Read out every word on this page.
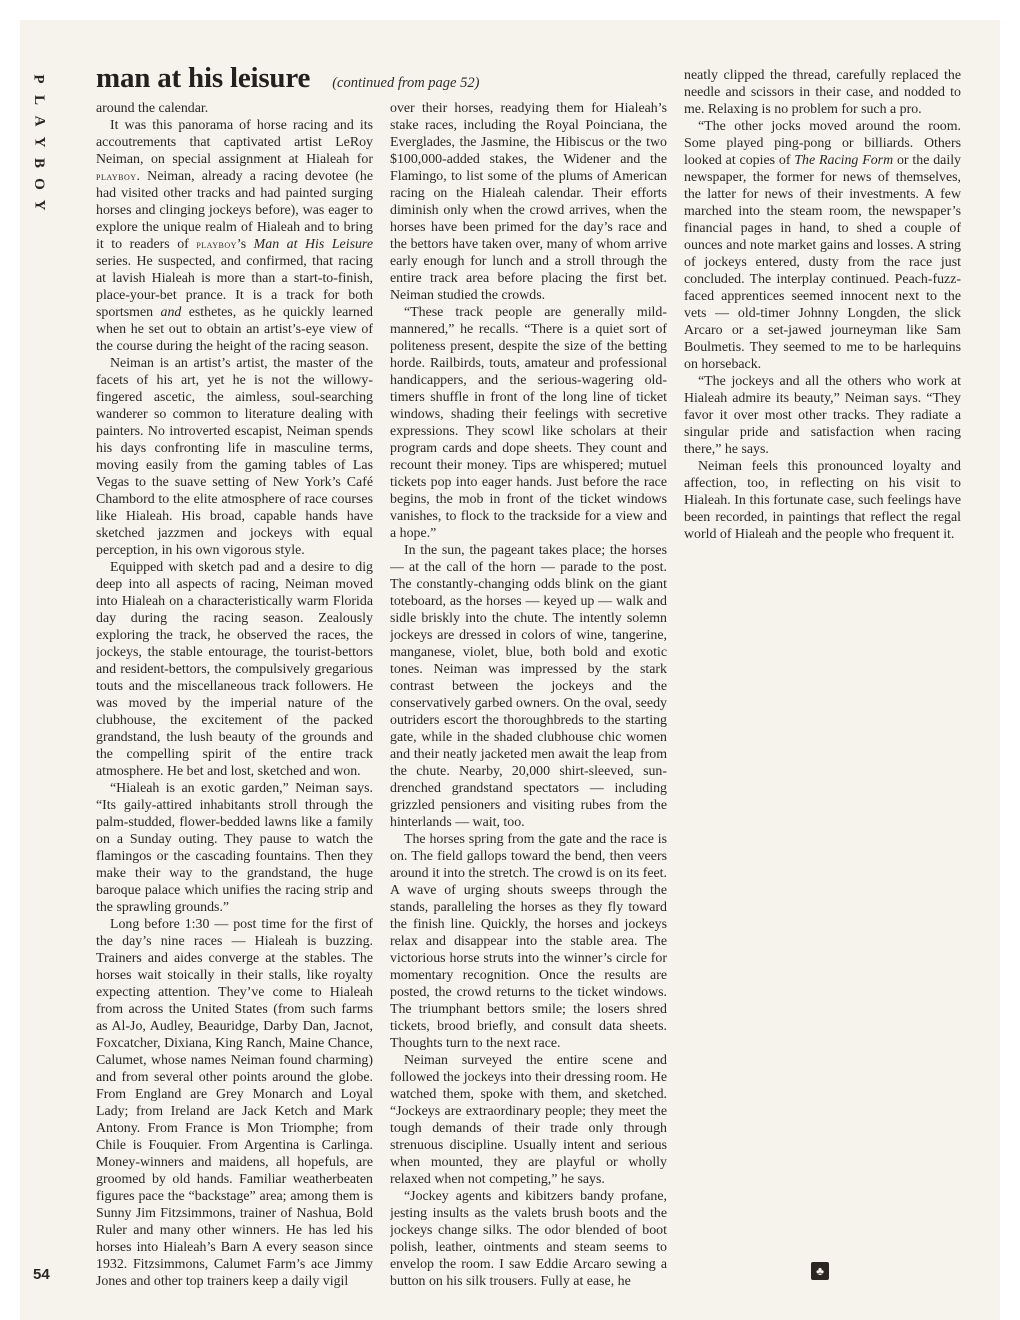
P
L
A
Y
B
O
Y
man at his leisure (continued from page 52)

around the calendar.

It was this panorama of horse racing and its accoutrements that captivated artist LeRoy Neiman, on special assignment at Hialeah for playboy. Neiman, already a racing devotee (he had visited other tracks and had painted surging horses and clinging jockeys before), was eager to explore the unique realm of Hialeah and to bring it to readers of playboy’s Man at His Leisure series. He suspected, and confirmed, that racing at lavish Hialeah is more than a start-to-finish, place-your-bet prance. It is a track for both sportsmen and esthetes, as he quickly learned when he set out to obtain an artist’s-eye view of the course during the height of the racing season.

Neiman is an artist’s artist, the master of the facets of his art, yet he is not the willowy-fingered ascetic, the aimless, soul-searching wanderer so common to literature dealing with painters. No introverted escapist, Neiman spends his days confronting life in masculine terms, moving easily from the gaming tables of Las Vegas to the suave setting of New York’s Café Chambord to the elite atmosphere of race courses like Hialeah. His broad, capable hands have sketched jazzmen and jockeys with equal perception, in his own vigorous style.

Equipped with sketch pad and a desire to dig deep into all aspects of racing, Neiman moved into Hialeah on a characteristically warm Florida day during the racing season. Zealously exploring the track, he observed the races, the jockeys, the stable entourage, the tourist-bettors and resident-bettors, the compulsively gregarious touts and the miscellaneous track followers. He was moved by the imperial nature of the clubhouse, the excitement of the packed grandstand, the lush beauty of the grounds and the compelling spirit of the entire track atmosphere. He bet and lost, sketched and won.

“Hialeah is an exotic garden,” Neiman says. “Its gaily-attired inhabitants stroll through the palm-studded, flower-bedded lawns like a family on a Sunday outing. They pause to watch the flamingos or the cascading fountains. Then they make their way to the grandstand, the huge baroque palace which unifies the racing strip and the sprawling grounds.”

Long before 1:30 — post time for the first of the day’s nine races — Hialeah is buzzing. Trainers and aides converge at the stables. The horses wait stoically in their stalls, like royalty expecting attention. They’ve come to Hialeah from across the United States (from such farms as Al-Jo, Audley, Beauridge, Darby Dan, Jacnot, Foxcatcher, Dixiana, King Ranch, Maine Chance, Calumet, whose names Neiman found charming) and from several other points around the globe. From England are Grey Monarch and Loyal Lady; from Ireland are Jack Ketch and Mark Antony. From France is Mon Triomphe; from Chile is Fouquier. From Argentina is Carlinga. Money-winners and maidens, all hopefuls, are groomed by old hands. Familiar weatherbeaten figures pace the “backstage” area; among them is Sunny Jim Fitzsimmons, trainer of Nashua, Bold Ruler and many other winners. He has led his horses into Hialeah’s Barn A every season since 1932. Fitzsimmons, Calumet Farm’s ace Jimmy Jones and other top trainers keep a daily vigil

over their horses, readying them for Hialeah’s stake races, including the Royal Poinciana, the Everglades, the Jasmine, the Hibiscus or the two $100,000-added stakes, the Widener and the Flamingo, to list some of the plums of American racing on the Hialeah calendar. Their efforts diminish only when the crowd arrives, when the horses have been primed for the day’s race and the bettors have taken over, many of whom arrive early enough for lunch and a stroll through the entire track area before placing the first bet. Neiman studied the crowds.

“These track people are generally mild-mannered,” he recalls. “There is a quiet sort of politeness present, despite the size of the betting horde. Railbirds, touts, amateur and professional handicappers, and the serious-wagering old-timers shuffle in front of the long line of ticket windows, shading their feelings with secretive expressions. They scowl like scholars at their program cards and dope sheets. They count and recount their money. Tips are whispered; mutuel tickets pop into eager hands. Just before the race begins, the mob in front of the ticket windows vanishes, to flock to the trackside for a view and a hope.”

In the sun, the pageant takes place; the horses — at the call of the horn — parade to the post. The constantly-changing odds blink on the giant toteboard, as the horses — keyed up — walk and sidle briskly into the chute. The intently solemn jockeys are dressed in colors of wine, tangerine, manganese, violet, blue, both bold and exotic tones. Neiman was impressed by the stark contrast between the jockeys and the conservatively garbed owners. On the oval, seedy outriders escort the thoroughbreds to the starting gate, while in the shaded clubhouse chic women and their neatly jacketed men await the leap from the chute. Nearby, 20,000 shirt-sleeved, sun-drenched grandstand spectators — including grizzled pensioners and visiting rubes from the hinterlands — wait, too.

The horses spring from the gate and the race is on. The field gallops toward the bend, then veers around it into the stretch. The crowd is on its feet. A wave of urging shouts sweeps through the stands, paralleling the horses as they fly toward the finish line. Quickly, the horses and jockeys relax and disappear into the stable area. The victorious horse struts into the winner’s circle for momentary recognition. Once the results are posted, the crowd returns to the ticket windows. The triumphant bettors smile; the losers shred tickets, brood briefly, and consult data sheets. Thoughts turn to the next race.

Neiman surveyed the entire scene and followed the jockeys into their dressing room. He watched them, spoke with them, and sketched. “Jockeys are extraordinary people; they meet the tough demands of their trade only through strenuous discipline. Usually intent and serious when mounted, they are playful or wholly relaxed when not competing,” he says.

“Jockey agents and kibitzers bandy profane, jesting insults as the valets brush boots and the jockeys change silks. The odor blended of boot polish, leather, ointments and steam seems to envelop the room. I saw Eddie Arcaro sewing a button on his silk trousers. Fully at ease, he

neatly clipped the thread, carefully replaced the needle and scissors in their case, and nodded to me. Relaxing is no problem for such a pro.

“The other jocks moved around the room. Some played ping-pong or billiards. Others looked at copies of The Racing Form or the daily newspaper, the former for news of themselves, the latter for news of their investments. A few marched into the steam room, the newspaper’s financial pages in hand, to shed a couple of ounces and note market gains and losses. A string of jockeys entered, dusty from the race just concluded. The interplay continued. Peach-fuzz-faced apprentices seemed innocent next to the vets — old-timer Johnny Longden, the slick Arcaro or a set-jawed journeyman like Sam Boulmetis. They seemed to me to be harlequins on horseback.

“The jockeys and all the others who work at Hialeah admire its beauty,” Neiman says. “They favor it over most other tracks. They radiate a singular pride and satisfaction when racing there,” he says.

Neiman feels this pronounced loyalty and affection, too, in reflecting on his visit to Hialeah. In this fortunate case, such feelings have been recorded, in paintings that reflect the regal world of Hialeah and the people who frequent it.

54	♣
